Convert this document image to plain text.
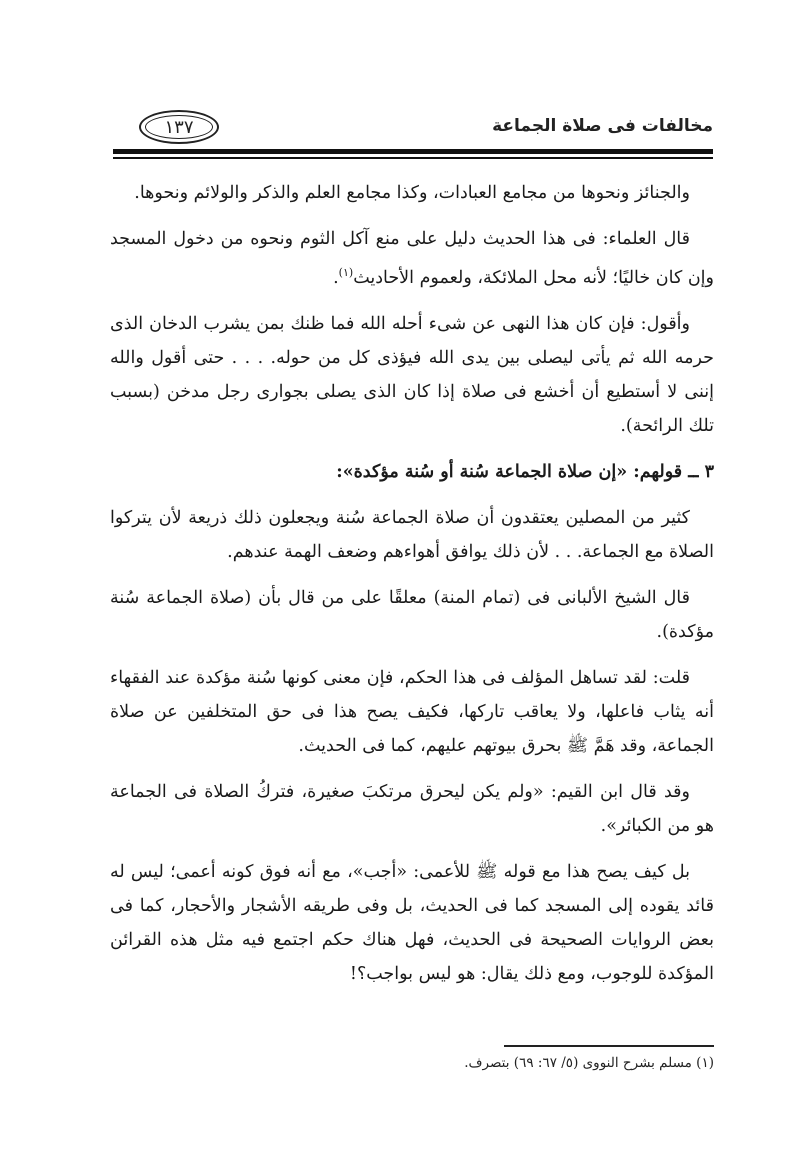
مخالفات فى صلاة الجماعة
١٣٧

والجنائز ونحوها من مجامع العبادات، وكذا مجامع العلم والذكر والولائم ونحوها.

قال العلماء: فى هذا الحديث دليل على منع آكل الثوم ونحوه من دخول المسجد وإن كان خاليًا؛ لأنه محل الملائكة، ولعموم الأحاديث$^{(١)}$.

وأقول: فإن كان هذا النهى عن شىء أحله الله فما ظنك بمن يشرب الدخان الذى حرمه الله ثم يأتى ليصلى بين يدى الله فيؤذى كل من حوله. . . . حتى أقول والله إننى لا أستطيع أن أخشع فى صلاة إذا كان الذى يصلى بجوارى رجل مدخن (بسبب تلك الرائحة).

٣ ــ قولهم: «إن صلاة الجماعة سُنة أو سُنة مؤكدة»:

كثير من المصلين يعتقدون أن صلاة الجماعة سُنة ويجعلون ذلك ذريعة لأن يتركوا الصلاة مع الجماعة. . . لأن ذلك يوافق أهواءهم وضعف الهمة عندهم.

قال الشيخ الألبانى فى (تمام المنة) معلقًا على من قال بأن (صلاة الجماعة سُنة مؤكدة).

قلت: لقد تساهل المؤلف فى هذا الحكم، فإن معنى كونها سُنة مؤكدة عند الفقهاء أنه يثاب فاعلها، ولا يعاقب تاركها، فكيف يصح هذا فى حق المتخلفين عن صلاة الجماعة، وقد هَمَّ ﷺ بحرق بيوتهم عليهم، كما فى الحديث.

وقد قال ابن القيم: «ولم يكن ليحرق مرتكبَ صغيرة، فتركُ الصلاة فى الجماعة هو من الكبائر».

بل كيف يصح هذا مع قوله ﷺ للأعمى: «أجب»، مع أنه فوق كونه أعمى؛ ليس له قائد يقوده إلى المسجد كما فى الحديث، بل وفى طريقه الأشجار والأحجار، كما فى بعض الروايات الصحيحة فى الحديث، فهل هناك حكم اجتمع فيه مثل هذه القرائن المؤكدة للوجوب، ومع ذلك يقال: هو ليس بواجب؟!

(١) مسلم بشرح النووى (٥/ ٦٧: ٦٩) بتصرف.
